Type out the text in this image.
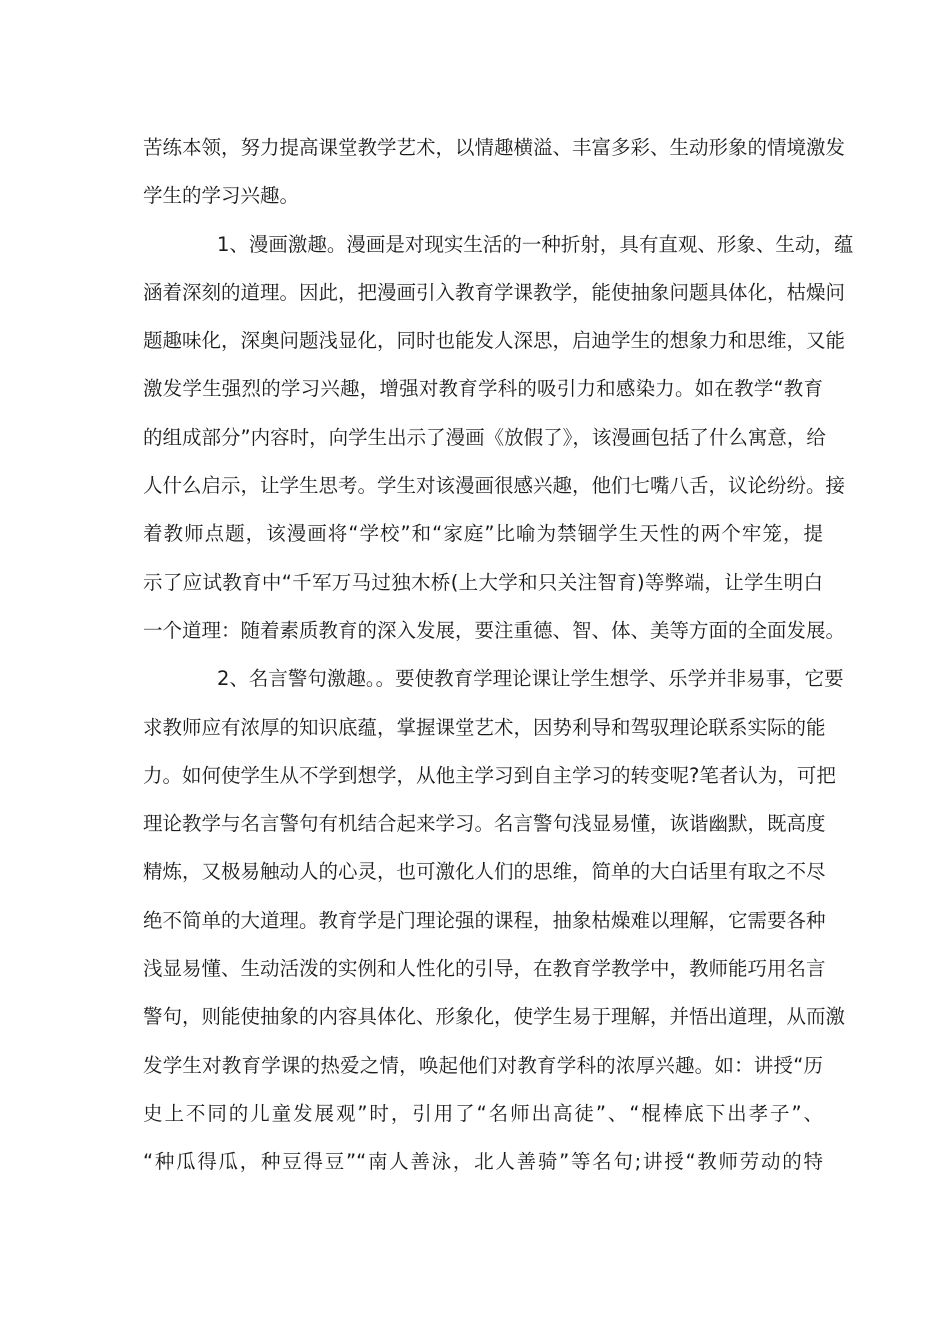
苦练本领，努力提高课堂教学艺术，以情趣横溢、丰富多彩、生动形象的情境激发
学生的学习兴趣。
1、漫画激趣。漫画是对现实生活的一种折射，具有直观、形象、生动，蕴
涵着深刻的道理。因此，把漫画引入教育学课教学，能使抽象问题具体化，枯燥问
题趣味化，深奥问题浅显化，同时也能发人深思，启迪学生的想象力和思维，又能
激发学生强烈的学习兴趣，增强对教育学科的吸引力和感染力。如在教学“教育
的组成部分”内容时，向学生出示了漫画《放假了》，该漫画包括了什么寓意，给
人什么启示，让学生思考。学生对该漫画很感兴趣，他们七嘴八舌，议论纷纷。接
着教师点题，该漫画将“学校”和“家庭”比喻为禁锢学生天性的两个牢笼，提
示了应试教育中“千军万马过独木桥(上大学和只关注智育)等弊端，让学生明白
一个道理：随着素质教育的深入发展，要注重德、智、体、美等方面的全面发展。
2、名言警句激趣。。要使教育学理论课让学生想学、乐学并非易事，它要
求教师应有浓厚的知识底蕴，掌握课堂艺术，因势利导和驾驭理论联系实际的能
力。如何使学生从不学到想学，从他主学习到自主学习的转变呢?笔者认为，可把
理论教学与名言警句有机结合起来学习。名言警句浅显易懂，诙谐幽默，既高度
精炼，又极易触动人的心灵，也可激化人们的思维，简单的大白话里有取之不尽
绝不简单的大道理。教育学是门理论强的课程，抽象枯燥难以理解，它需要各种
浅显易懂、生动活泼的实例和人性化的引导，在教育学教学中，教师能巧用名言
警句，则能使抽象的内容具体化、形象化，使学生易于理解，并悟出道理，从而激
发学生对教育学课的热爱之情，唤起他们对教育学科的浓厚兴趣。如：讲授“历
史上不同的儿童发展观”时，引用了“名师出高徒”、“棍棒底下出孝子”、
“种瓜得瓜，种豆得豆”“南人善泳，北人善骑”等名句;讲授“教师劳动的特
